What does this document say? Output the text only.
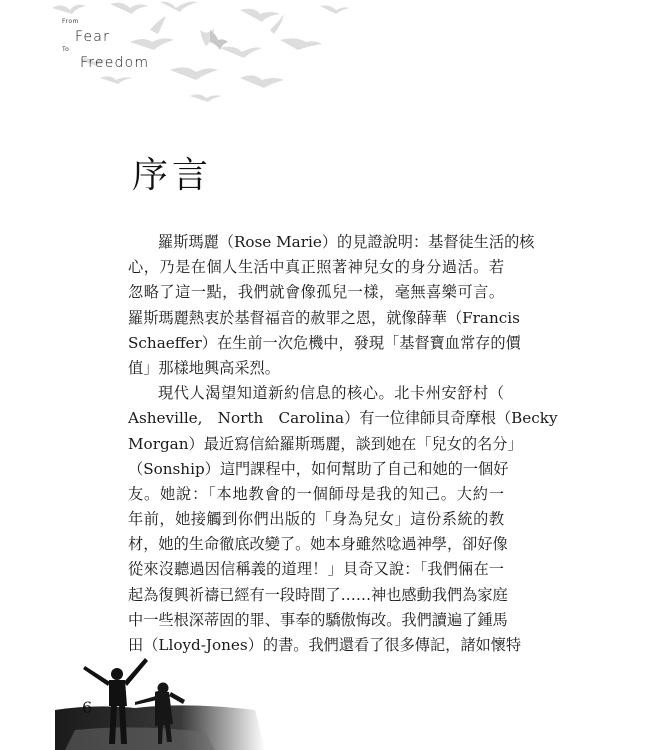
From
Fear
To
Freedom
序言
羅斯瑪麗（Rose Marie）的見證說明：基督徒生活的核
心，乃是在個人生活中真正照著神兒女的身分過活。若
忽略了這一點，我們就會像孤兒一樣，毫無喜樂可言。
羅斯瑪麗熱衷於基督福音的赦罪之恩，就像薛華（Francis
Schaeffer）在生前一次危機中，發現「基督寶血常存的價
值」那樣地興高采烈。
現代人渴望知道新約信息的核心。北卡州安舒村（
Asheville,　North　Carolina）有一位律師貝奇摩根（Becky
Morgan）最近寫信給羅斯瑪麗，談到她在「兒女的名分」
（Sonship）這門課程中，如何幫助了自己和她的一個好
友。她說：「本地教會的一個師母是我的知己。大約一
年前，她接觸到你們出版的「身為兒女」這份系統的教
材，她的生命徹底改變了。她本身雖然唸過神學，卻好像
從來沒聽過因信稱義的道理！」貝奇又說：「我們倆在一
起為復興祈禱已經有一段時間了……神也感動我們為家庭
中一些根深蒂固的罪、事奉的驕傲悔改。我們讀遍了鍾馬
田（Lloyd-Jones）的書。我們還看了很多傳記，諸如懷特
6
